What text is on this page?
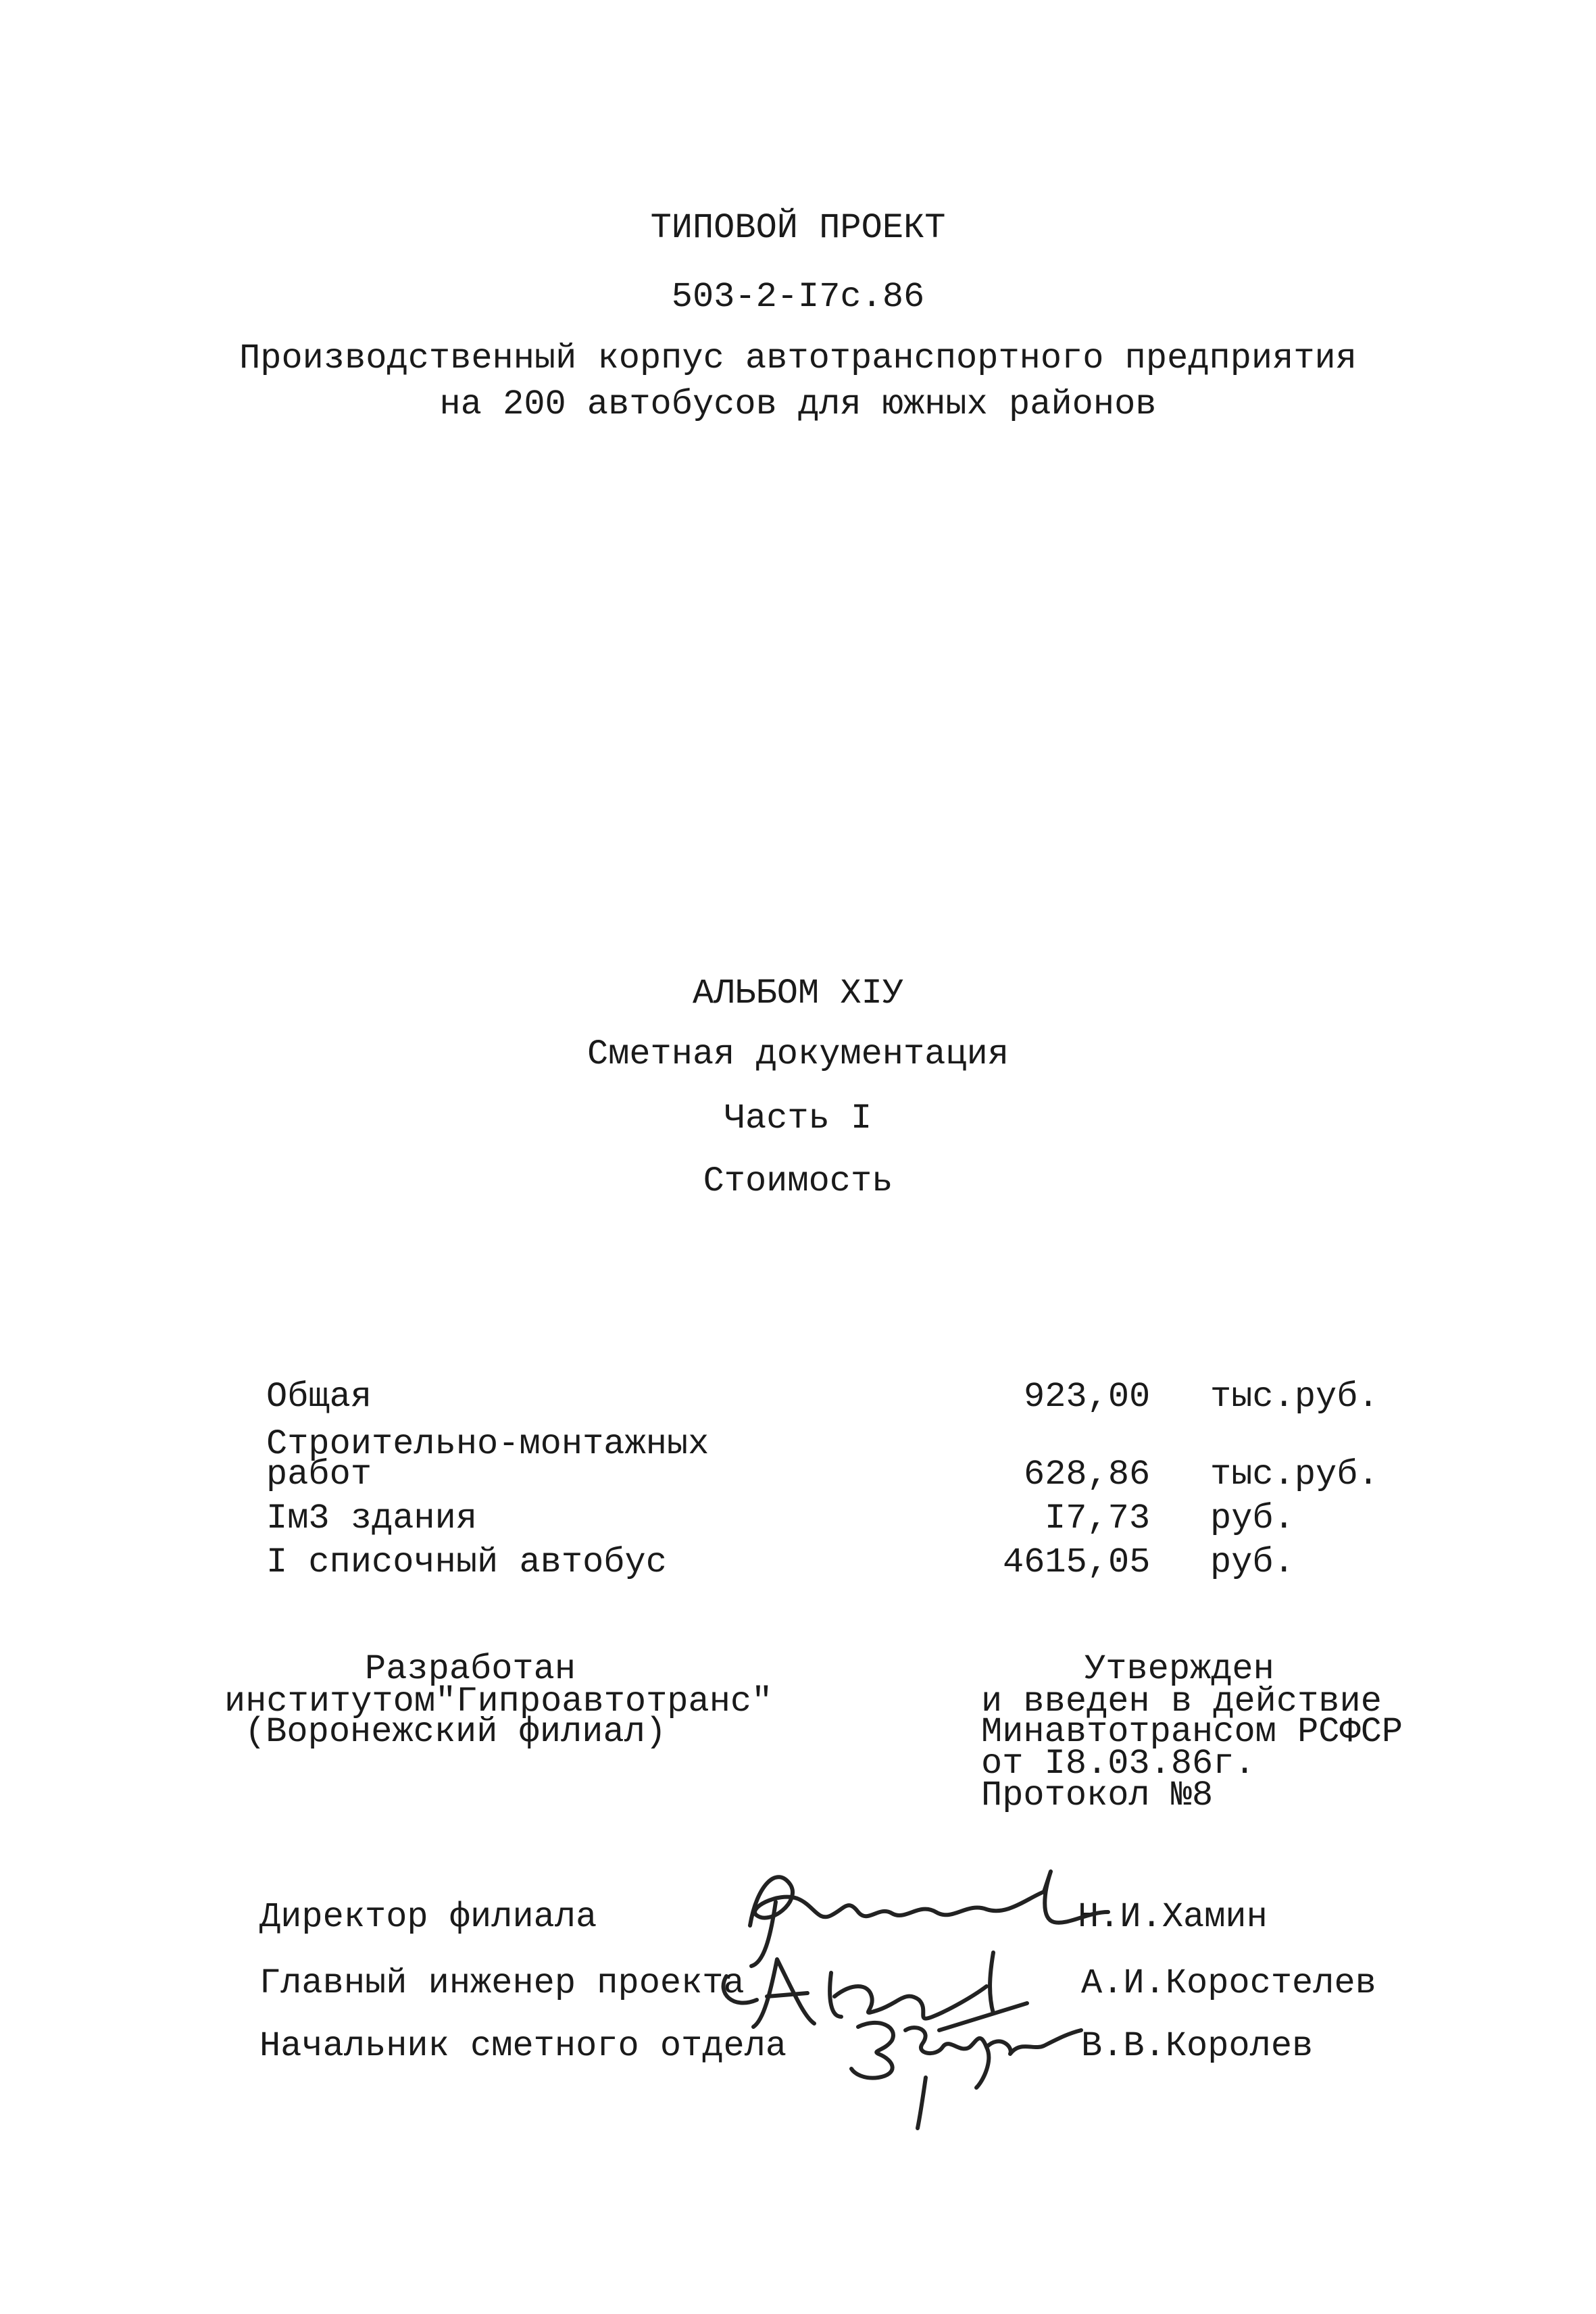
ТИПОВОЙ ПРОЕКТ
503-2-I7с.86
Производственный корпус автотранспортного предприятия
на 200 автобусов для южных районов
АЛЬБОМ XIУ
Сметная документация
Часть I
Стоимость
Общая	923,00 тыс.руб.
Строительно-монтажных
работ	628,86 тыс.руб.
Iм3 здания	I7,73 руб.
I списочный автобус	4615,05 руб.
Разработан
институтом"Гипроавтотранс"
(Воронежский филиал)
Утвержден
и введен в действие
Минавтотрансом РСФСР
от I8.03.86г.
Протокол №8
Директор филиала	Н.И.Хамин
Главный инженер проекта	А.И.Коростелев
Начальник сметного отдела	В.В.Королев
